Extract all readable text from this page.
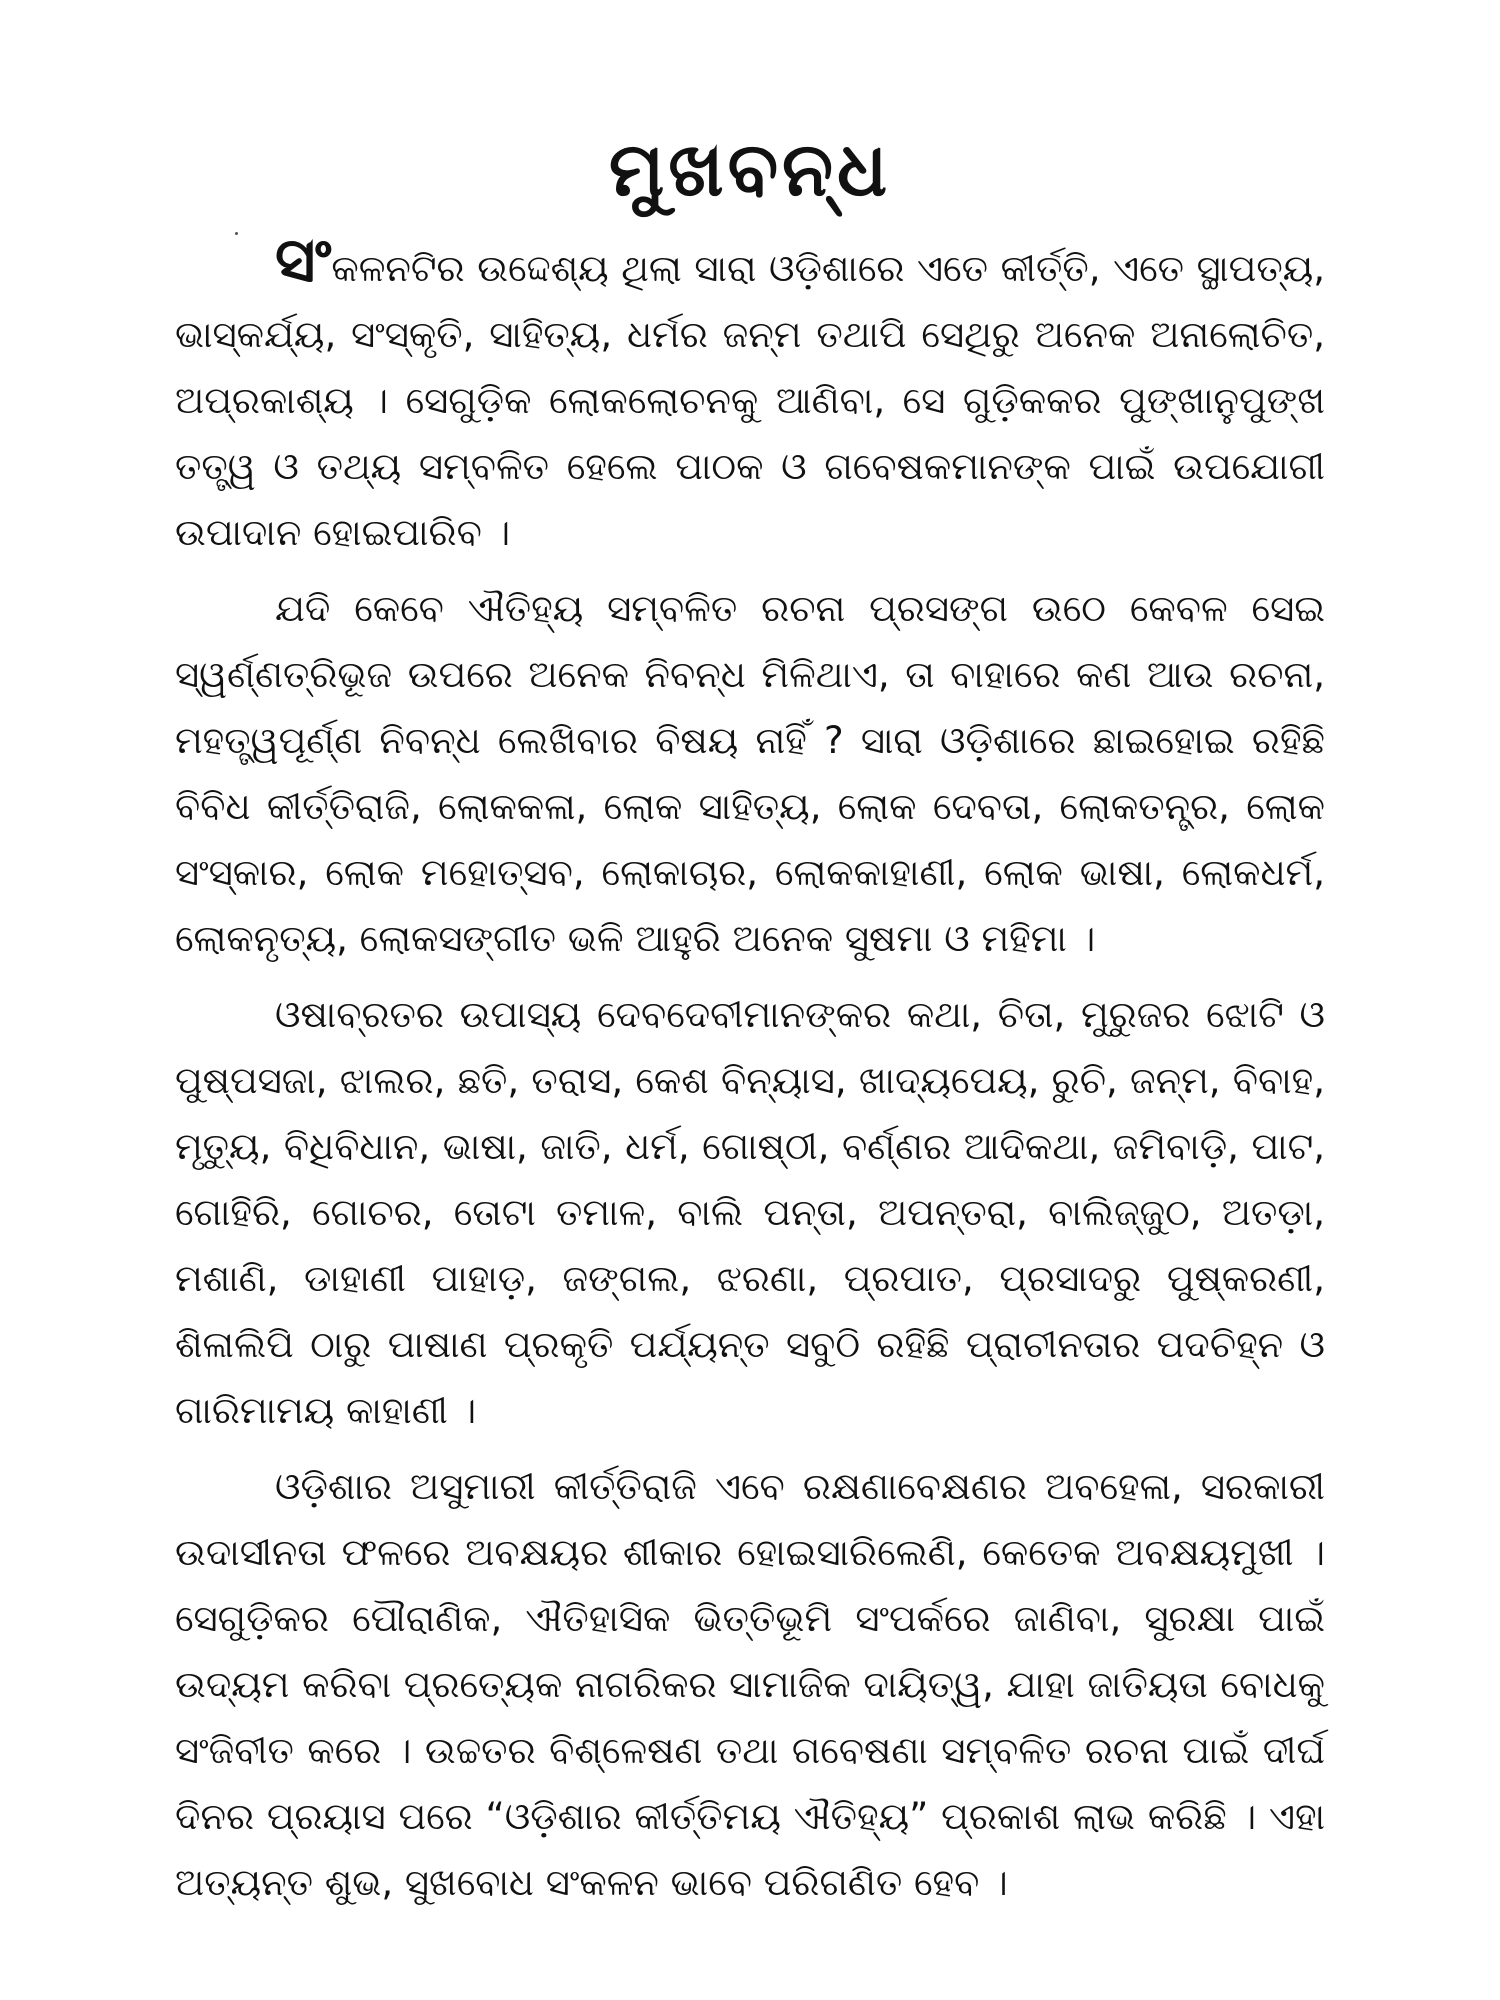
ମୁଖବନ୍ଧ

ସଂକଳନଟିର ଉଦ୍ଦେଶ୍ୟ ଥିଲା ସାରା ଓଡ଼ିଶାରେ ଏତେ କୀର୍ତ୍ତି, ଏତେ ସ୍ଥାପତ୍ୟ, ଭାସ୍କର୍ଯ୍ୟ, ସଂସ୍କୃତି, ସାହିତ୍ୟ, ଧର୍ମର ଜନ୍ମ ତଥାପି ସେଥିରୁ ଅନେକ ଅନାଲୋଚିତ, ଅପ୍ରକାଶ୍ୟ । ସେଗୁଡ଼ିକ ଲୋକଲୋଚନକୁ ଆଣିବା, ସେ ଗୁଡ଼ିକକର ପୁଙ୍ଖାନୁପୁଙ୍ଖ ତତ୍ତ୍ୱ ଓ ତଥ୍ୟ ସମ୍ବଳିତ ହେଲେ ପାଠକ ଓ ଗବେଷକମାନଙ୍କ ପାଇଁ ଉପଯୋଗୀ ଉପାଦାନ ହୋଇପାରିବ ।

ଯଦି କେବେ ଐତିହ୍ୟ ସମ୍ବଳିତ ରଚନା ପ୍ରସଙ୍ଗ ଉଠେ କେବଳ ସେଇ ସ୍ୱର୍ଣ୍ଣତ୍ରିଭୂଜ ଉପରେ ଅନେକ ନିବନ୍ଧ ମିଳିଥାଏ, ତା ବାହାରେ କଣ ଆଉ ରଚନା, ମହତ୍ତ୍ୱପୂର୍ଣ୍ଣ ନିବନ୍ଧ ଲେଖିବାର ବିଷୟ ନାହିଁ ? ସାରା ଓଡ଼ିଶାରେ ଛାଇହୋଇ ରହିଛି ବିବିଧ କୀର୍ତ୍ତିରାଜି, ଲୋକକଳା, ଲୋକ ସାହିତ୍ୟ, ଲୋକ ଦେବତା, ଲୋକତନ୍ତ୍ର, ଲୋକ ସଂସ୍କାର, ଲୋକ ମହୋତ୍ସବ, ଲୋକାଚାର, ଲୋକକାହାଣୀ, ଲୋକ ଭାଷା, ଲୋକଧର୍ମ, ଲୋକନୃତ୍ୟ, ଲୋକସଙ୍ଗୀତ ଭଳି ଆହୁରି ଅନେକ ସୁଷମା ଓ ମହିମା ।

ଓଷାବ୍ରତର ଉପାସ୍ୟ ଦେବଦେବୀମାନଙ୍କର କଥା, ଚିତା, ମୁରୁଜର ଝୋଟି ଓ ପୁଷ୍ପସଜା, ଝାଲର, ଛତି, ତରାସ, କେଶ ବିନ୍ୟାସ, ଖାଦ୍ୟପେୟ, ରୁଚି, ଜନ୍ମ, ବିବାହ, ମୃତ୍ୟୁ, ବିଧିବିଧାନ, ଭାଷା, ଜାତି, ଧର୍ମ, ଗୋଷ୍ଠୀ, ବର୍ଣ୍ଣର ଆଦିକଥା, ଜମିବାଡ଼ି, ପାଟ, ଗୋହିରି, ଗୋଚର, ତୋଟା ତମାଳ, ବାଲି ପନ୍ତା, ଅପନ୍ତରା, ବାଲିଜ୍ଜୁଠ, ଅତଡ଼ା, ମଶାଣି, ଡାହାଣୀ ପାହାଡ଼, ଜଙ୍ଗଲ, ଝରଣା, ପ୍ରପାତ, ପ୍ରସାଦରୁ ପୁଷ୍କରଣୀ, ଶିଳାଲିପି ଠାରୁ ପାଷାଣ ପ୍ରକୃତି ପର୍ଯ୍ୟନ୍ତ ସବୁଠି ରହିଛି ପ୍ରାଚୀନତାର ପଦଚିହ୍ନ ଓ ଗାରିମାମୟ କାହାଣୀ ।

ଓଡ଼ିଶାର ଅସୁମାରୀ କୀର୍ତ୍ତିରାଜି ଏବେ ରକ୍ଷଣାବେକ୍ଷଣର ଅବହେଳା, ସରକାରୀ ଉଦାସୀନତା ଫଳରେ ଅବକ୍ଷୟର ଶୀକାର ହୋଇସାରିଲେଣି, କେତେକ ଅବକ୍ଷୟମୁଖୀ । ସେଗୁଡ଼ିକର ପୌରାଣିକ, ଐତିହାସିକ ଭିତ୍ତିଭୂମି ସଂପର୍କରେ ଜାଣିବା, ସୁରକ୍ଷା ପାଇଁ ଉଦ୍ୟମ କରିବା ପ୍ରତ୍ୟେକ ନାଗରିକର ସାମାଜିକ ଦାୟିତ୍ୱ, ଯାହା ଜାତିୟତା ବୋଧକୁ ସଂଜିବୀତ କରେ । ଉଚ୍ଚତର ବିଶ୍ଳେଷଣ ତଥା ଗବେଷଣା ସମ୍ବଳିତ ରଚନା ପାଇଁ ଦୀର୍ଘ ଦିନର ପ୍ରୟାସ ପରେ “ଓଡ଼ିଶାର କୀର୍ତ୍ତିମୟ ଐତିହ୍ୟ” ପ୍ରକାଶ ଲାଭ କରିଛି । ଏହା ଅତ୍ୟନ୍ତ ଶୁଭ, ସୁଖବୋଧ ସଂକଳନ ଭାବେ ପରିଗଣିତ ହେବ ।
